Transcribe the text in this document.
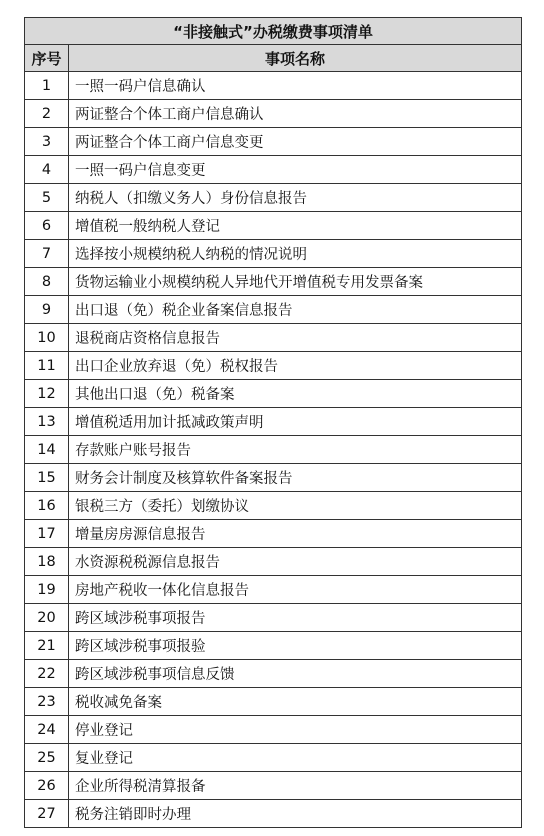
“非接触式”办税缴费事项清单	
序号	事项名称
1	一照一码户信息确认
2	两证整合个体工商户信息确认
3	两证整合个体工商户信息变更
4	一照一码户信息变更
5	纳税人（扣缴义务人）身份信息报告
6	增值税一般纳税人登记
7	选择按小规模纳税人纳税的情况说明
8	货物运输业小规模纳税人异地代开增值税专用发票备案
9	出口退（免）税企业备案信息报告
10	退税商店资格信息报告
11	出口企业放弃退（免）税权报告
12	其他出口退（免）税备案
13	增值税适用加计抵减政策声明
14	存款账户账号报告
15	财务会计制度及核算软件备案报告
16	银税三方（委托）划缴协议
17	增量房房源信息报告
18	水资源税税源信息报告
19	房地产税收一体化信息报告
20	跨区域涉税事项报告
21	跨区域涉税事项报验
22	跨区域涉税事项信息反馈
23	税收减免备案
24	停业登记
25	复业登记
26	企业所得税清算报备
27	税务注销即时办理
